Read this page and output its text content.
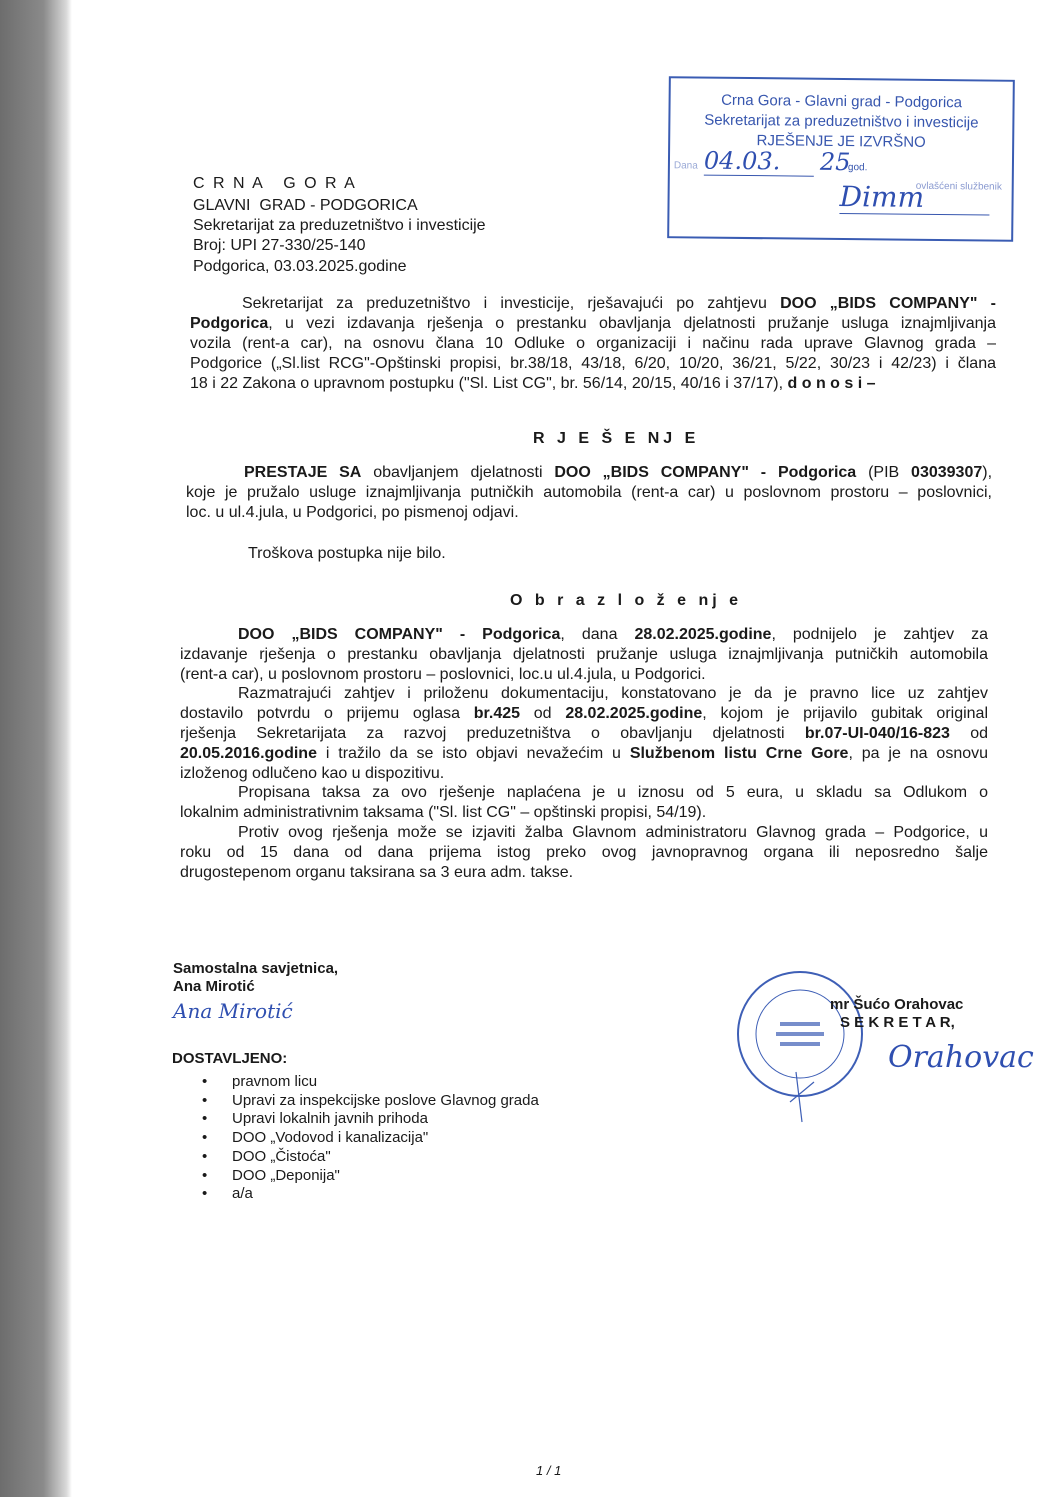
C R N A   G O R A
GLAVNI  GRAD - PODGORICA
Sekretarijat za preduzetništvo i investicije
Broj: UPI 27-330/25-140
Podgorica, 03.03.2025.godine
Crna Gora - Glavni grad - Podgorica
Sekretarijat za preduzetništvo i investicije
RJEŠENJE JE IZVRŠNO
Dana 04.03.	25
god.
ovlašćeni službenik
Dimm
Sekretarijat za preduzetništvo i investicije, rješavajući po zahtjevu DOO „BIDS COMPANY" -
Podgorica, u vezi izdavanja rješenja o prestanku obavljanja djelatnosti pružanje usluga iznajmljivanja
vozila (rent-a car), na osnovu člana 10 Odluke o organizaciji i načinu rada uprave Glavnog grada –
Podgorice („Sl.list RCG"-Opštinski propisi, br.38/18, 43/18, 6/20, 10/20, 36/21, 5/22, 30/23 i 42/23) i člana
18 i 22 Zakona o upravnom postupku ("Sl. List CG", br. 56/14, 20/15, 40/16 i 37/17), d o n o s i –
R J E Š E NJ E
PRESTAJE SA obavljanjem djelatnosti DOO „BIDS COMPANY" - Podgorica (PIB 03039307),
koje je pružalo usluge iznajmljivanja putničkih automobila (rent-a car) u poslovnom prostoru – poslovnici,
loc. u ul.4.jula, u Podgorici, po pismenoj odjavi.
Troškova postupka nije bilo.
O b r a z l o ž e nj e
DOO „BIDS COMPANY" - Podgorica, dana 28.02.2025.godine, podnijelo je zahtjev za
izdavanje rješenja o prestanku obavljanja djelatnosti pružanje usluga iznajmljivanja putničkih automobila
(rent-a car), u poslovnom prostoru – poslovnici, loc.u ul.4.jula, u Podgorici.
Razmatrajući zahtjev i priloženu dokumentaciju, konstatovano je da je pravno lice uz zahtjev
dostavilo potvrdu o prijemu oglasa br.425 od 28.02.2025.godine, kojom je prijavilo gubitak original
rješenja Sekretarijata za razvoj preduzetništva o obavljanju djelatnosti br.07-UI-040/16-823 od
20.05.2016.godine i tražilo da se isto objavi nevažećim u Službenom listu Crne Gore, pa je na osnovu
izloženog odlučeno kao u dispozitivu.
Propisana taksa za ovo rješenje naplaćena je u iznosu od 5 eura, u skladu sa Odlukom o
lokalnim administrativnim taksama ("Sl. list CG" – opštinski propisi, 54/19).
Protiv ovog rješenja može se izjaviti žalba Glavnom administratoru Glavnog grada – Podgorice, u
roku od 15 dana od dana prijema istog preko ovog javnopravnog organa ili neposredno šalje
drugostepenom organu taksirana sa 3 eura adm. takse.
Samostalna savjetnica,
Ana Mirotić
Ana Mirotić
DOSTAVLJENO:
• pravnom licu
• Upravi za inspekcijske poslove Glavnog grada
• Upravi lokalnih javnih prihoda
• DOO „Vodovod i kanalizacija"
• DOO „Čistoća"
• DOO „Deponija"
• a/a
mr Šućo Orahovac
S E K R E T A R,
Orahovac
1 / 1
